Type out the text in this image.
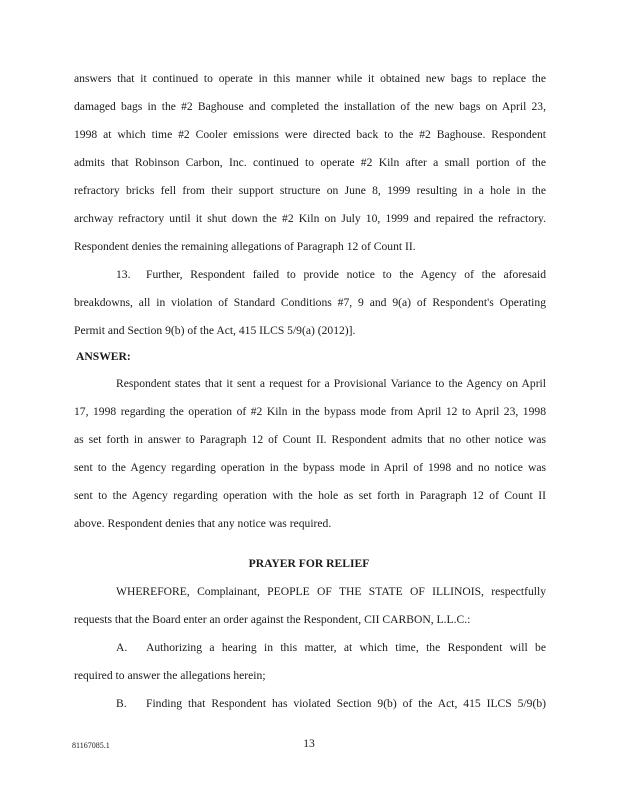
answers that it continued to operate in this manner while it obtained new bags to replace the
damaged bags in the #2 Baghouse and completed the installation of the new bags on April 23,
1998 at which time #2 Cooler emissions were directed back to the #2 Baghouse. Respondent
admits that Robinson Carbon, Inc. continued to operate #2 Kiln after a small portion of the
refractory bricks fell from their support structure on June 8, 1999 resulting in a hole in the
archway refractory until it shut down the #2 Kiln on July 10, 1999 and repaired the refractory.
Respondent denies the remaining allegations of Paragraph 12 of Count II.
13. Further, Respondent failed to provide notice to the Agency of the aforesaid
breakdowns, all in violation of Standard Conditions #7, 9 and 9(a) of Respondent's Operating
Permit and Section 9(b) of the Act, 415 ILCS 5/9(a) (2012)].
ANSWER:
Respondent states that it sent a request for a Provisional Variance to the Agency on April
17, 1998 regarding the operation of #2 Kiln in the bypass mode from April 12 to April 23, 1998
as set forth in answer to Paragraph 12 of Count II. Respondent admits that no other notice was
sent to the Agency regarding operation in the bypass mode in April of 1998 and no notice was
sent to the Agency regarding operation with the hole as set forth in Paragraph 12 of Count II
above. Respondent denies that any notice was required.
PRAYER FOR RELIEF
WHEREFORE, Complainant, PEOPLE OF THE STATE OF ILLINOIS, respectfully
requests that the Board enter an order against the Respondent, CII CARBON, L.L.C.:
A. Authorizing a hearing in this matter, at which time, the Respondent will be
required to answer the allegations herein;
B. Finding that Respondent has violated Section 9(b) of the Act, 415 ILCS 5/9(b)
81167085.1	13
